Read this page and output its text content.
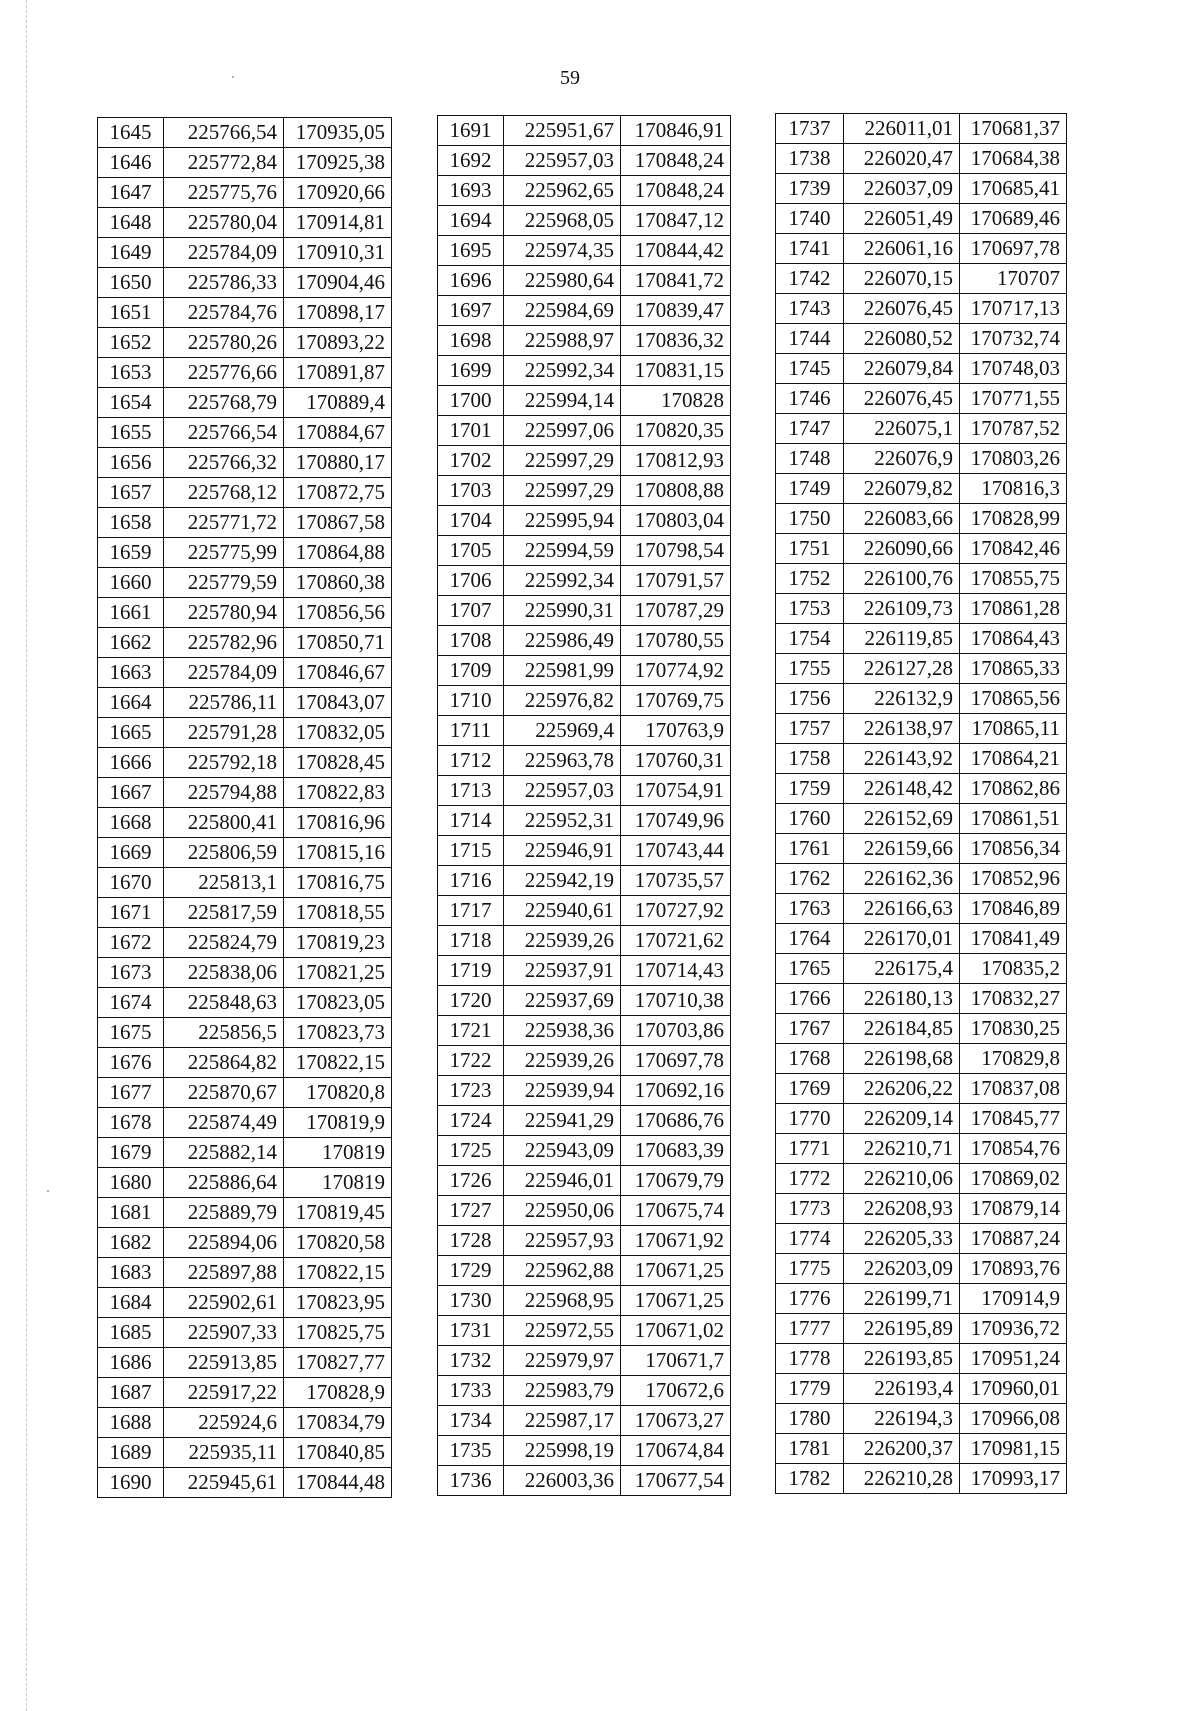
59
1645	225766,54	170935,05
1646	225772,84	170925,38
1647	225775,76	170920,66
1648	225780,04	170914,81
1649	225784,09	170910,31
1650	225786,33	170904,46
1651	225784,76	170898,17
1652	225780,26	170893,22
1653	225776,66	170891,87
1654	225768,79	170889,4
1655	225766,54	170884,67
1656	225766,32	170880,17
1657	225768,12	170872,75
1658	225771,72	170867,58
1659	225775,99	170864,88
1660	225779,59	170860,38
1661	225780,94	170856,56
1662	225782,96	170850,71
1663	225784,09	170846,67
1664	225786,11	170843,07
1665	225791,28	170832,05
1666	225792,18	170828,45
1667	225794,88	170822,83
1668	225800,41	170816,96
1669	225806,59	170815,16
1670	225813,1	170816,75
1671	225817,59	170818,55
1672	225824,79	170819,23
1673	225838,06	170821,25
1674	225848,63	170823,05
1675	225856,5	170823,73
1676	225864,82	170822,15
1677	225870,67	170820,8
1678	225874,49	170819,9
1679	225882,14	170819
1680	225886,64	170819
1681	225889,79	170819,45
1682	225894,06	170820,58
1683	225897,88	170822,15
1684	225902,61	170823,95
1685	225907,33	170825,75
1686	225913,85	170827,77
1687	225917,22	170828,9
1688	225924,6	170834,79
1689	225935,11	170840,85
1690	225945,61	170844,48
1691	225951,67	170846,91
1692	225957,03	170848,24
1693	225962,65	170848,24
1694	225968,05	170847,12
1695	225974,35	170844,42
1696	225980,64	170841,72
1697	225984,69	170839,47
1698	225988,97	170836,32
1699	225992,34	170831,15
1700	225994,14	170828
1701	225997,06	170820,35
1702	225997,29	170812,93
1703	225997,29	170808,88
1704	225995,94	170803,04
1705	225994,59	170798,54
1706	225992,34	170791,57
1707	225990,31	170787,29
1708	225986,49	170780,55
1709	225981,99	170774,92
1710	225976,82	170769,75
1711	225969,4	170763,9
1712	225963,78	170760,31
1713	225957,03	170754,91
1714	225952,31	170749,96
1715	225946,91	170743,44
1716	225942,19	170735,57
1717	225940,61	170727,92
1718	225939,26	170721,62
1719	225937,91	170714,43
1720	225937,69	170710,38
1721	225938,36	170703,86
1722	225939,26	170697,78
1723	225939,94	170692,16
1724	225941,29	170686,76
1725	225943,09	170683,39
1726	225946,01	170679,79
1727	225950,06	170675,74
1728	225957,93	170671,92
1729	225962,88	170671,25
1730	225968,95	170671,25
1731	225972,55	170671,02
1732	225979,97	170671,7
1733	225983,79	170672,6
1734	225987,17	170673,27
1735	225998,19	170674,84
1736	226003,36	170677,54
1737	226011,01	170681,37
1738	226020,47	170684,38
1739	226037,09	170685,41
1740	226051,49	170689,46
1741	226061,16	170697,78
1742	226070,15	170707
1743	226076,45	170717,13
1744	226080,52	170732,74
1745	226079,84	170748,03
1746	226076,45	170771,55
1747	226075,1	170787,52
1748	226076,9	170803,26
1749	226079,82	170816,3
1750	226083,66	170828,99
1751	226090,66	170842,46
1752	226100,76	170855,75
1753	226109,73	170861,28
1754	226119,85	170864,43
1755	226127,28	170865,33
1756	226132,9	170865,56
1757	226138,97	170865,11
1758	226143,92	170864,21
1759	226148,42	170862,86
1760	226152,69	170861,51
1761	226159,66	170856,34
1762	226162,36	170852,96
1763	226166,63	170846,89
1764	226170,01	170841,49
1765	226175,4	170835,2
1766	226180,13	170832,27
1767	226184,85	170830,25
1768	226198,68	170829,8
1769	226206,22	170837,08
1770	226209,14	170845,77
1771	226210,71	170854,76
1772	226210,06	170869,02
1773	226208,93	170879,14
1774	226205,33	170887,24
1775	226203,09	170893,76
1776	226199,71	170914,9
1777	226195,89	170936,72
1778	226193,85	170951,24
1779	226193,4	170960,01
1780	226194,3	170966,08
1781	226200,37	170981,15
1782	226210,28	170993,17
